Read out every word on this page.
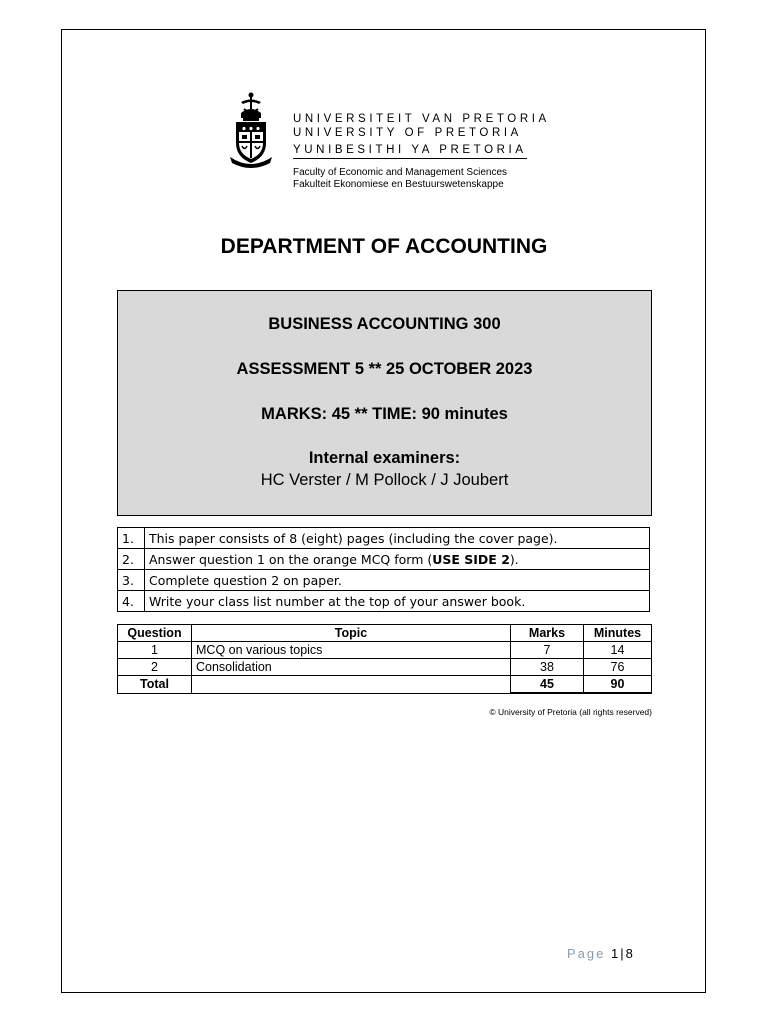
UNIVERSITEIT VAN PRETORIA
UNIVERSITY OF PRETORIA
YUNIBESITHI YA PRETORIA
Faculty of Economic and Management Sciences
Fakulteit Ekonomiese en Bestuurswetenskappe
DEPARTMENT OF ACCOUNTING
BUSINESS ACCOUNTING 300
ASSESSMENT 5 ** 25 OCTOBER 2023
MARKS: 45 ** TIME: 90 minutes
Internal examiners:
HC Verster / M Pollock / J Joubert
1.	This paper consists of 8 (eight) pages (including the cover page).
2.	Answer question 1 on the orange MCQ form (USE SIDE 2).
3.	Complete question 2 on paper.
4.	Write your class list number at the top of your answer book.
Question	Topic	Marks	Minutes
1	MCQ on various topics	7	14
2	Consolidation	38	76
Total		45	90
© University of Pretoria (all rights reserved)
Page 1|8
